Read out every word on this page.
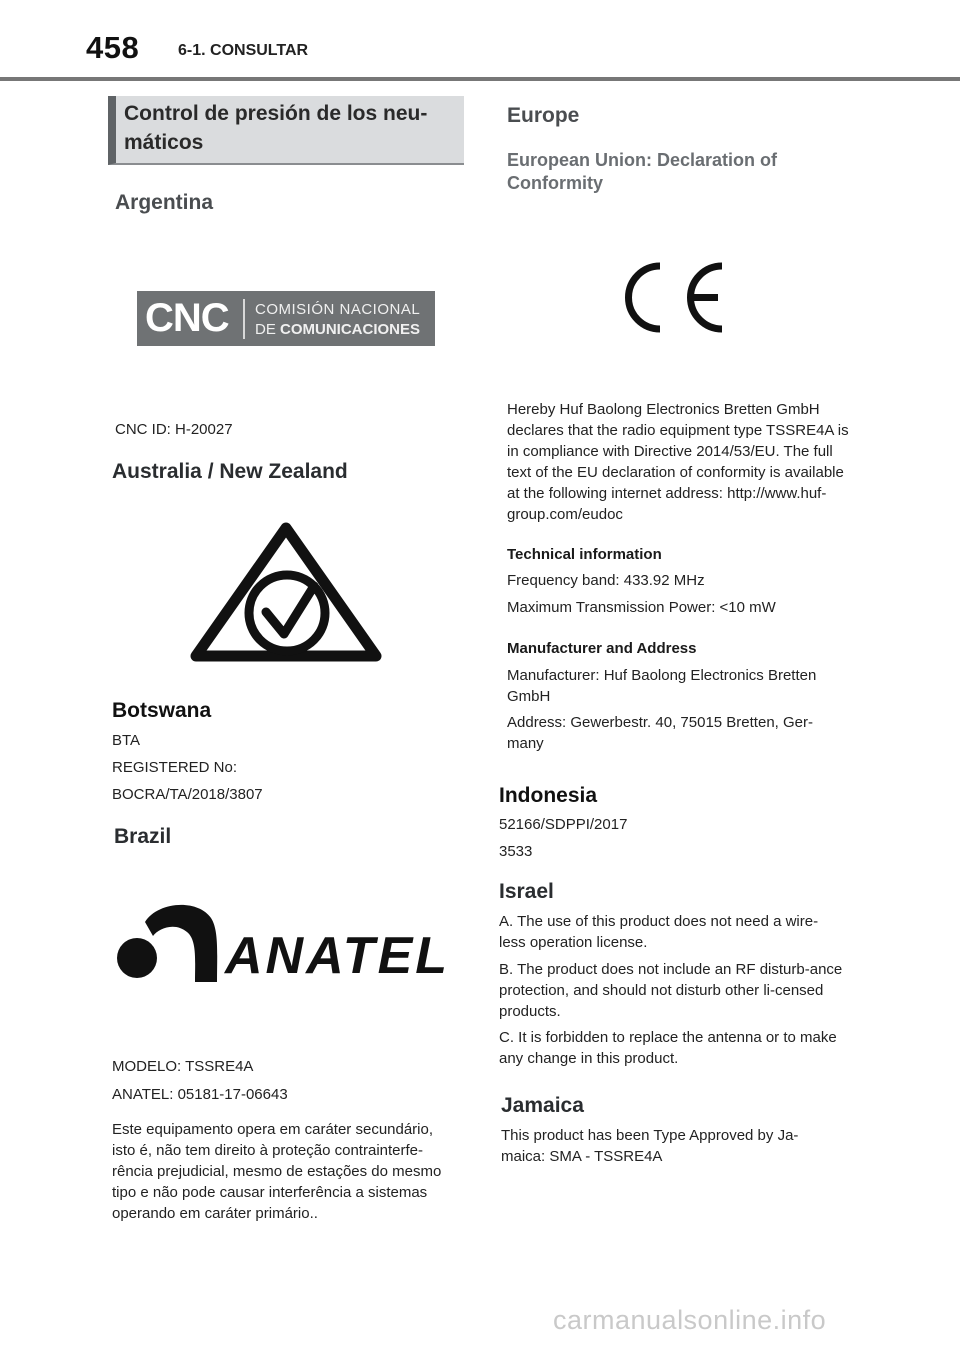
458 6-1. CONSULTAR
Control de presión de los neu-máticos
Argentina
CNC COMISIÓN NACIONAL
DE COMUNICACIONES
CNC ID: H-20027
Australia / New Zealand
Botswana
BTA
REGISTERED No:
BOCRA/TA/2018/3807
Brazil
ANATEL
MODELO: TSSRE4A
ANATEL: 05181-17-06643
Este equipamento opera em caráter secundário, isto é, não tem direito à proteção contrainterfe-rência prejudicial, mesmo de estações do mesmo tipo e não pode causar interferência a sistemas operando em caráter primário..
Europe
European Union: Declaration of Conformity
CE
Hereby Huf Baolong Electronics Bretten GmbH declares that the radio equipment type TSSRE4A is in compliance with Directive 2014/53/EU. The full text of the EU declaration of conformity is available at the following internet address: http://www.huf-group.com/eudoc
Technical information
Frequency band: 433.92 MHz
Maximum Transmission Power: <10 mW
Manufacturer and Address
Manufacturer: Huf Baolong Electronics Bretten GmbH
Address: Gewerbestr. 40, 75015 Bretten, Ger-many
Indonesia
52166/SDPPI/2017
3533
Israel
A. The use of this product does not need a wire-less operation license.
B. The product does not include an RF disturb-ance protection, and should not disturb other li-censed products.
C. It is forbidden to replace the antenna or to make any change in this product.
Jamaica
This product has been Type Approved by Ja-maica: SMA - TSSRE4A
carmanualsonline.info
